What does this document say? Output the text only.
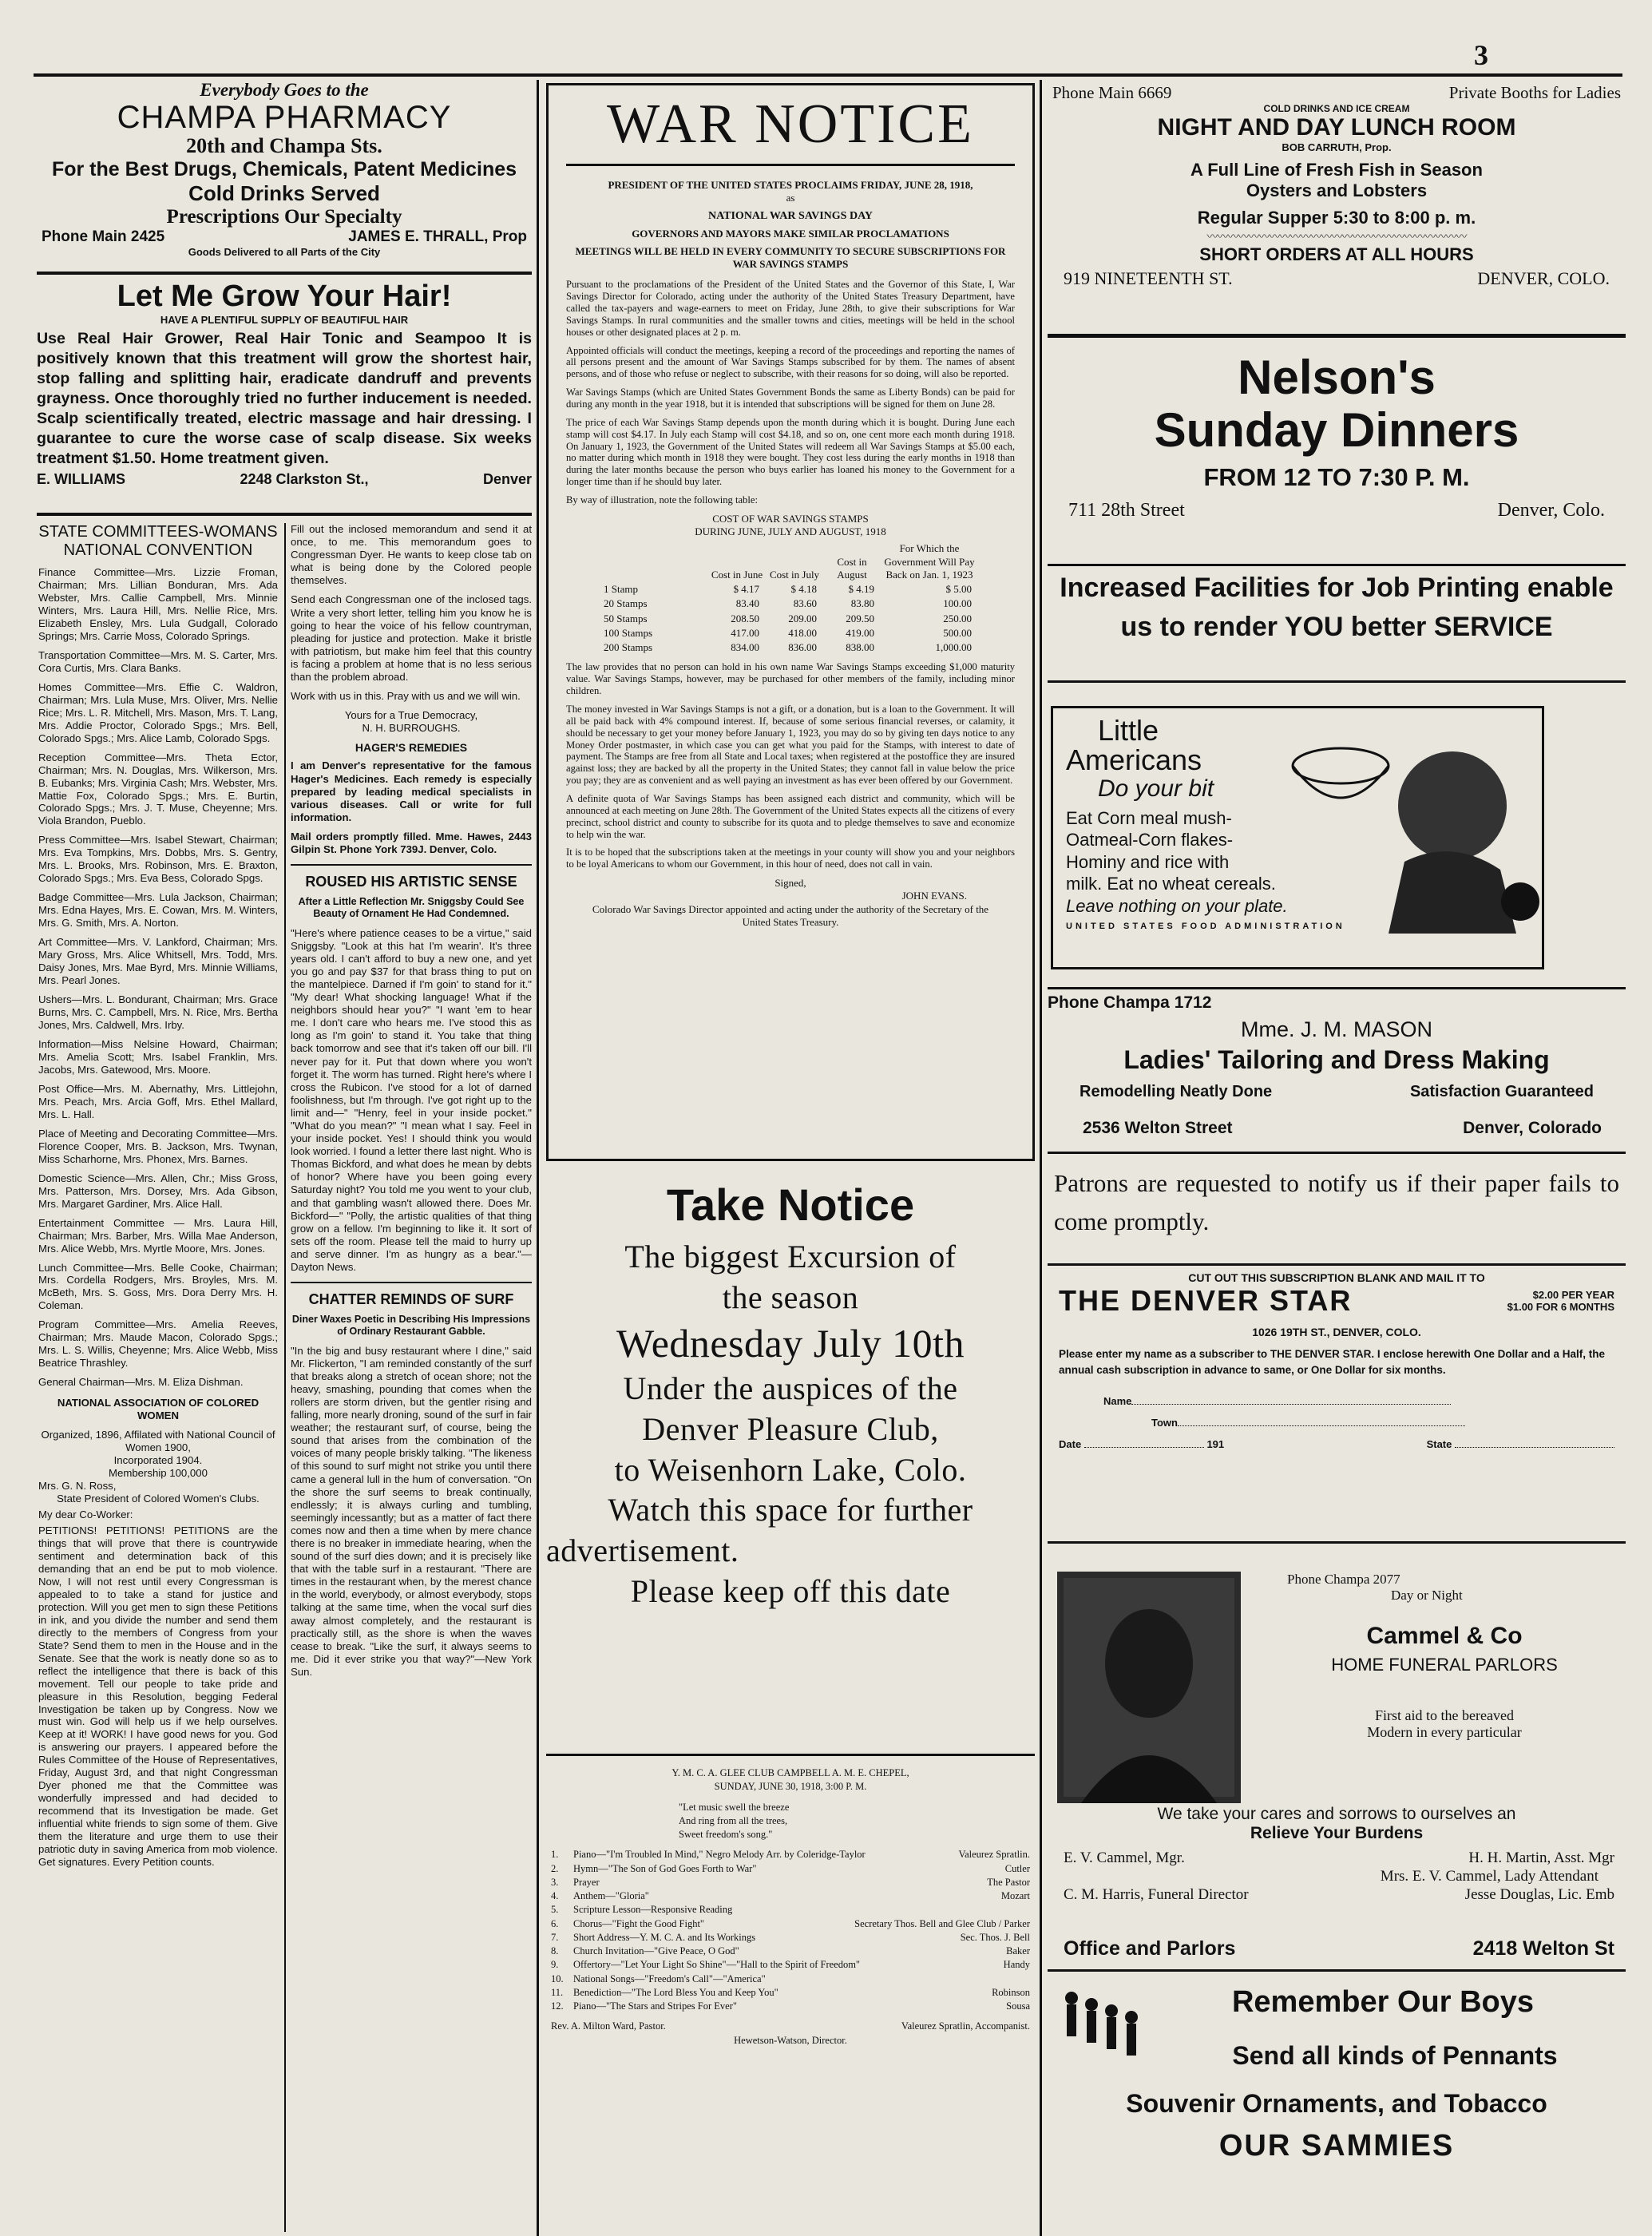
3
Everybody Goes to the
CHAMPA PHARMACY
20th and Champa Sts.
For the Best Drugs, Chemicals, Patent Medicines
Cold Drinks Served
Prescriptions Our Specialty
Phone Main 2425	JAMES E. THRALL, Prop
Goods Delivered to all Parts of the City
Let Me Grow Your Hair!
HAVE A PLENTIFUL SUPPLY OF BEAUTIFUL HAIR
Use Real Hair Grower, Real Hair Tonic and Seampoo It is positively known that this treatment will grow the shortest hair, stop falling and splitting hair, eradicate dandruff and prevents grayness. Once thoroughly tried no further inducement is needed. Scalp scientifically treated, electric massage and hair dressing. I guarantee to cure the worse case of scalp disease. Six weeks treatment $1.50. Home treatment given.
E. WILLIAMS	2248 Clarkston St.,	Denver
STATE COMMITTEES-WOMANS
NATIONAL CONVENTION

Finance Committee—Mrs. Lizzie Froman, Chairman; Mrs. Lillian Bonduran, Mrs. Ada Webster, Mrs. Callie Campbell, Mrs. Minnie Winters, Mrs. Laura Hill, Mrs. Nellie Rice, Mrs. Elizabeth Ensley, Mrs. Lula Gudgall, Colorado Springs; Mrs. Carrie Moss, Colorado Springs.

Transportation Committee—Mrs. M. S. Carter, Mrs. Cora Curtis, Mrs. Clara Banks.

Homes Committee—Mrs. Effie C. Waldron, Chairman; Mrs. Lula Muse, Mrs. Oliver, Mrs. Nellie Rice; Mrs. L. R. Mitchell, Mrs. Mason, Mrs. T. Lang, Mrs. Addie Proctor, Colorado Spgs.; Mrs. Bell, Colorado Spgs.; Mrs. Alice Lamb, Colorado Spgs.

Reception Committee—Mrs. Theta Ector, Chairman; Mrs. N. Douglas, Mrs. Wilkerson, Mrs. B. Eubanks; Mrs. Virginia Cash; Mrs. Webster, Mrs. Mattie Fox, Colorado Spgs.; Mrs. E. Burtin, Colorado Spgs.; Mrs. J. T. Muse, Cheyenne; Mrs. Viola Brandon, Pueblo.

Press Committee—Mrs. Isabel Stewart, Chairman; Mrs. Eva Tompkins, Mrs. Dobbs, Mrs. S. Gentry, Mrs. L. Brooks, Mrs. Robinson, Mrs. E. Braxton, Colorado Spgs.; Mrs. Eva Bess, Colorado Spgs.

Badge Committee—Mrs. Lula Jackson, Chairman; Mrs. Edna Hayes, Mrs. E. Cowan, Mrs. M. Winters, Mrs. G. Smith, Mrs. A. Norton.

Art Committee—Mrs. V. Lankford, Chairman; Mrs. Mary Gross, Mrs. Alice Whitsell, Mrs. Todd, Mrs. Daisy Jones, Mrs. Mae Byrd, Mrs. Minnie Williams, Mrs. Pearl Jones.

Ushers—Mrs. L. Bondurant, Chairman; Mrs. Grace Burns, Mrs. C. Campbell, Mrs. N. Rice, Mrs. Bertha Jones, Mrs. Caldwell, Mrs. Irby.

Information—Miss Nelsine Howard, Chairman; Mrs. Amelia Scott; Mrs. Isabel Franklin, Mrs. Jacobs, Mrs. Gatewood, Mrs. Moore.

Post Office—Mrs. M. Abernathy, Mrs. Littlejohn, Mrs. Peach, Mrs. Arcia Goff, Mrs. Ethel Mallard, Mrs. L. Hall.

Place of Meeting and Decorating Committee—Mrs. Florence Cooper, Mrs. B. Jackson, Mrs. Twynan, Miss Scharhorne, Mrs. Phonex, Mrs. Barnes.

Domestic Science—Mrs. Allen, Chr.; Miss Gross, Mrs. Patterson, Mrs. Dorsey, Mrs. Ada Gibson, Mrs. Margaret Gardiner, Mrs. Alice Hall.

Entertainment Committee — Mrs. Laura Hill, Chairman; Mrs. Barber, Mrs. Willa Mae Anderson, Mrs. Alice Webb, Mrs. Myrtle Moore, Mrs. Jones.

Lunch Committee—Mrs. Belle Cooke, Chairman; Mrs. Cordella Rodgers, Mrs. Broyles, Mrs. M. McBeth, Mrs. S. Goss, Mrs. Dora Derry Mrs. H. Coleman.

Program Committee—Mrs. Amelia Reeves, Chairman; Mrs. Maude Macon, Colorado Spgs.; Mrs. L. S. Willis, Cheyenne; Mrs. Alice Webb, Miss Beatrice Thrashley.

General Chairman—Mrs. M. Eliza Dishman.

NATIONAL ASSOCIATION OF COLORED WOMEN
Organized, 1896, Affilated with National Council of Women 1900,
Incorporated 1904.
Membership 100,000
Mrs. G. N. Ross,
State President of Colored Women's Clubs.
My dear Co-Worker:

PETITIONS! PETITIONS! PETITIONS are the things that will prove that there is countrywide sentiment and determination back of this demanding that an end be put to mob violence. Now, I will not rest until every Congressman is appealed to to take a stand for justice and protection. Will you get men to sign these Petitions in ink, and you divide the number and send them directly to the members of Congress from your State? Send them to men in the House and in the Senate. See that the work is neatly done so as to reflect the intelligence that there is back of this movement. Tell our people to take pride and pleasure in this Resolution, begging Federal Investigation be taken up by Congress. Now we must win. God will help us if we help ourselves. Keep at it! WORK! I have good news for you. God is answering our prayers. I appeared before the Rules Committee of the House of Representatives, Friday, August 3rd, and that night Congressman Dyer phoned me that the Committee was wonderfully impressed and had decided to recommend that its Investigation be made. Get influential white friends to sign some of them. Give them the literature and urge them to use their patriotic duty in saving America from mob violence. Get signatures. Every Petition counts.

Fill out the inclosed memorandum and send it at once, to me. This memorandum goes to Congressman Dyer. He wants to keep close tab on what is being done by the Colored people themselves.

Send each Congressman one of the inclosed tags. Write a very short letter, telling him you know he is going to hear the voice of his fellow countryman, pleading for justice and protection. Make it bristle with patriotism, but make him feel that this country is facing a problem at home that is no less serious than the problem abroad.

Work with us in this. Pray with us and we will win.

Yours for a True Democracy,
N. H. BURROUGHS.
HAGER'S REMEDIES

I am Denver's representative for the famous Hager's Medicines. Each remedy is especially prepared by leading medical specialists in various diseases. Call or write for full information.

Mail orders promptly filled. Mme. Hawes, 2443 Gilpin St. Phone York 739J. Denver, Colo.

ROUSED HIS ARTISTIC SENSE

After a Little Reflection Mr. Sniggsby Could See Beauty of Ornament He Had Condemned.

"Here's where patience ceases to be a virtue," said Sniggsby. "Look at this hat I'm wearin'. It's three years old. I can't afford to buy a new one, and yet you go and pay $37 for that brass thing to put on the mantelpiece. Darned if I'm goin' to stand for it." "My dear! What shocking language! What if the neighbors should hear you?" "I want 'em to hear me. I don't care who hears me. I've stood this as long as I'm goin' to stand it. You take that thing back tomorrow and see that it's taken off our bill. I'll never pay for it. Put that down where you won't forget it. The worm has turned. Right here's where I cross the Rubicon. I've stood for a lot of darned foolishness, but I'm through. I've got right up to the limit and—" "Henry, feel in your inside pocket." "What do you mean?" "I mean what I say. Feel in your inside pocket. Yes! I should think you would look worried. I found a letter there last night. Who is Thomas Bickford, and what does he mean by debts of honor? Where have you been going every Saturday night? You told me you went to your club, and that gambling wasn't allowed there. Does Mr. Bickford—" "Polly, the artistic qualities of that thing grow on a fellow. I'm beginning to like it. It sort of sets off the room. Please tell the maid to hurry up and serve dinner. I'm as hungry as a bear."—Dayton News.

CHATTER REMINDS OF SURF

Diner Waxes Poetic in Describing His Impressions of Ordinary Restaurant Gabble.

"In the big and busy restaurant where I dine," said Mr. Flickerton, "I am reminded constantly of the surf that breaks along a stretch of ocean shore; not the heavy, smashing, pounding that comes when the rollers are storm driven, but the gentler rising and falling, more nearly droning, sound of the surf in fair weather; the restaurant surf, of course, being the sound that arises from the combination of the voices of many people briskly talking. "The likeness of this sound to surf might not strike you until there came a general lull in the hum of conversation. "On the shore the surf seems to break continually, endlessly; it is always curling and tumbling, seemingly incessantly; but as a matter of fact there comes now and then a time when by mere chance there is no breaker in immediate hearing, when the sound of the surf dies down; and it is precisely like that with the table surf in a restaurant. "There are times in the restaurant when, by the merest chance in the world, everybody, or almost everybody, stops talking at the same time, when the vocal surf dies away almost completely, and the restaurant is practically still, as the shore is when the waves cease to break. "Like the surf, it always seems to me. Did it ever strike you that way?"—New York Sun.

WAR NOTICE
PRESIDENT OF THE UNITED STATES PROCLAIMS FRIDAY, JUNE 28, 1918,
as
NATIONAL WAR SAVINGS DAY
GOVERNORS AND MAYORS MAKE SIMILAR PROCLAMATIONS
MEETINGS WILL BE HELD IN EVERY COMMUNITY TO SECURE SUBSCRIPTIONS FOR WAR SAVINGS STAMPS

Pursuant to the proclamations of the President of the United States and the Governor of this State, I, War Savings Director for Colorado, acting under the authority of the United States Treasury Department, have called the tax-payers and wage-earners to meet on Friday, June 28th, to give their subscriptions for War Savings Stamps. In rural communities and the smaller towns and cities, meetings will be held in the school houses or other designated places at 2 p. m.

Appointed officials will conduct the meetings, keeping a record of the proceedings and reporting the names of all persons present and the amount of War Savings Stamps subscribed for by them. The names of absent persons, and of those who refuse or neglect to subscribe, with their reasons for so doing, will also be reported.

War Savings Stamps (which are United States Government Bonds the same as Liberty Bonds) can be paid for during any month in the year 1918, but it is intended that subscriptions will be signed for them on June 28.

The price of each War Savings Stamp depends upon the month during which it is bought. During June each stamp will cost $4.17. In July each Stamp will cost $4.18, and so on, one cent more each month during 1918. On January 1, 1923, the Government of the United States will redeem all War Savings Stamps at $5.00 each, no matter during which month in 1918 they were bought. They cost less during the early months in 1918 than during the later months because the person who buys earlier has loaned his money to the Government for a longer time than if he should buy later.

By way of illustration, note the following table:

COST OF WAR SAVINGS STAMPS
DURING JUNE, JULY AND AUGUST, 1918
	Cost in June	Cost in July	Cost in August	For Which the Government Will Pay Back on Jan. 1, 1923
1 Stamp	$ 4.17	$ 4.18	$ 4.19	$ 5.00
20 Stamps	83.40	83.60	83.80	100.00
50 Stamps	208.50	209.00	209.50	250.00
100 Stamps	417.00	418.00	419.00	500.00
200 Stamps	834.00	836.00	838.00	1,000.00

The law provides that no person can hold in his own name War Savings Stamps exceeding $1,000 maturity value. War Savings Stamps, however, may be purchased for other members of the family, including minor children.

The money invested in War Savings Stamps is not a gift, or a donation, but is a loan to the Government. It will all be paid back with 4% compound interest. If, because of some serious financial reverses, or calamity, it should be necessary to get your money before January 1, 1923, you may do so by giving ten days notice to any Money Order postmaster, in which case you can get what you paid for the Stamps, with interest to date of payment. The Stamps are free from all State and Local taxes; when registered at the postoffice they are insured against loss; they are backed by all the property in the United States; they cannot fall in value below the price you pay; they are as convenient and as well paying an investment as has ever been offered by our Government.

A definite quota of War Savings Stamps has been assigned each district and community, which will be announced at each meeting on June 28th. The Government of the United States expects all the citizens of every precinct, school district and county to subscribe for its quota and to pledge themselves to save and economize to help win the war.

It is to be hoped that the subscriptions taken at the meetings in your county will show you and your neighbors to be loyal Americans to whom our Government, in this hour of need, does not call in vain.

Signed,
JOHN EVANS.
Colorado War Savings Director appointed and acting under the authority of the Secretary of the United States Treasury.
Take Notice
The biggest Excursion of
the season
Wednesday July 10th
Under the auspices of the
Denver Pleasure Club,
to Weisenhorn Lake, Colo.
Watch this space for further
advertisement.
Please keep off this date
Y. M. C. A. GLEE CLUB CAMPBELL A. M. E. CHEPEL,
SUNDAY, JUNE 30, 1918, 3:00 P. M.
"Let music swell the breeze
And ring from all the trees,
Sweet freedom's song."
1.	Piano—"I'm Troubled In Mind," Negro Melody Arr. by Coleridge-Taylor	Valeurez Spratlin.
2.	Hymn—"The Son of God Goes Forth to War"	Cutler
3.	Prayer	The Pastor
4.	Anthem—"Gloria"	Mozart
5.	Scripture Lesson—Responsive Reading
6.	Chorus—"Fight the Good Fight"	Secretary Thos. Bell and Glee Club / Parker
7.	Short Address—Y. M. C. A. and Its Workings	Sec. Thos. J. Bell
8.	Church Invitation—"Give Peace, O God"	Baker
9.	Offertory—"Let Your Light So Shine"—"Hall to the Spirit of Freedom"	Handy
10. National Songs—"Freedom's Call"—"America"
11.	Benediction—"The Lord Bless You and Keep You"	Robinson
12. Piano—"The Stars and Stripes For Ever"	Sousa
Rev. A. Milton Ward, Pastor.	Valeurez Spratlin, Accompanist.
Hewetson-Watson, Director.
Phone Main 6669	Private Booths for Ladies
COLD DRINKS AND ICE CREAM
NIGHT AND DAY LUNCH ROOM
BOB CARRUTH, Prop.
A Full Line of Fresh Fish in Season
Oysters and Lobsters
Regular Supper 5:30 to 8:00 p. m.
〰〰〰〰〰〰〰〰〰〰〰〰〰〰〰〰〰〰〰〰〰〰〰〰〰
SHORT ORDERS AT ALL HOURS
919 NINETEENTH ST.	DENVER, COLO.
Nelson's
Sunday Dinners
FROM 12 TO 7:30 P. M.
711 28th Street	Denver, Colo.
Increased Facilities for Job Printing enable us to render YOU better SERVICE
Little
Americans
Do your bit
Eat Corn meal mush-
Oatmeal-Corn flakes-
Hominy and rice with
milk. Eat no wheat cereals.
Leave nothing on your plate.
UNITED STATES FOOD ADMINISTRATION
Phone Champa 1712
Mme. J. M. MASON
Ladies' Tailoring and Dress Making
Remodelling Neatly Done	Satisfaction Guaranteed
2536 Welton Street	Denver, Colorado
Patrons are requested to notify us if their paper fails to come promptly.
CUT OUT THIS SUBSCRIPTION BLANK AND MAIL IT TO
THE DENVER STAR	$2.00 PER YEAR
$1.00 FOR 6 MONTHS
1026 19TH ST., DENVER, COLO.
Please enter my name as a subscriber to THE DENVER STAR. I enclose herewith One Dollar and a Half, the annual cash subscription in advance to same, or One Dollar for six months.
Name
Town
Date	191	State
Phone Champa 2077
Day or Night
Cammel & Co
HOME FUNERAL PARLORS
First aid to the bereaved
Modern in every particular
We take your cares and sorrows to ourselves an
Relieve Your Burdens
E. V. Cammel, Mgr.	H. H. Martin, Asst. Mgr
Mrs. E. V. Cammel, Lady Attendant
C. M. Harris, Funeral Director	Jesse Douglas, Lic. Emb
Office and Parlors	2418 Welton St
Remember Our Boys
Send all kinds of Pennants
Souvenir Ornaments, and Tobacco
OUR SAMMIES
